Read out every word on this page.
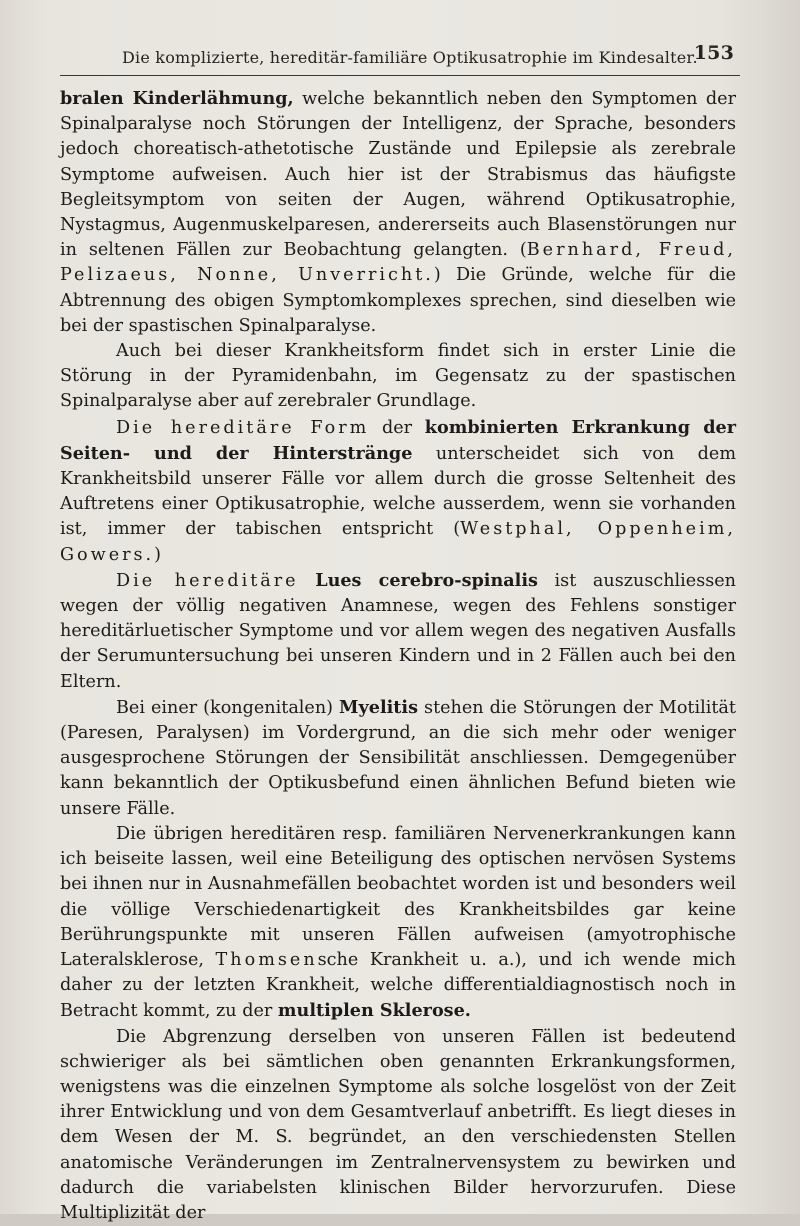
Die komplizierte, hereditär-familiäre Optikusatrophie im Kindesalter.
153

bralen Kinderlähmung, welche bekanntlich neben den Symptomen der Spinalparalyse noch Störungen der Intelligenz, der Sprache, besonders jedoch choreatisch-athetotische Zustände und Epilepsie als zerebrale Symptome aufweisen. Auch hier ist der Strabismus das häufigste Begleitsymptom von seiten der Augen, während Optikusatrophie, Nystagmus, Augenmuskelparesen, andererseits auch Blasenstörungen nur in seltenen Fällen zur Beobachtung gelangten. (Bernhard, Freud, Pelizaeus, Nonne, Unverricht.) Die Gründe, welche für die Abtrennung des obigen Symptomkomplexes sprechen, sind dieselben wie bei der spastischen Spinalparalyse.

Auch bei dieser Krankheitsform findet sich in erster Linie die Störung in der Pyramidenbahn, im Gegensatz zu der spastischen Spinalparalyse aber auf zerebraler Grundlage.

Die hereditäre Form der kombinierten Erkrankung der Seiten- und der Hinterstränge unterscheidet sich von dem Krankheitsbild unserer Fälle vor allem durch die grosse Seltenheit des Auftretens einer Optikusatrophie, welche ausserdem, wenn sie vorhanden ist, immer der tabischen entspricht (Westphal, Oppenheim, Gowers.)

Die hereditäre Lues cerebro-spinalis ist auszuschliessen wegen der völlig negativen Anamnese, wegen des Fehlens sonstiger hereditärluetischer Symptome und vor allem wegen des negativen Ausfalls der Serumuntersuchung bei unseren Kindern und in 2 Fällen auch bei den Eltern.

Bei einer (kongenitalen) Myelitis stehen die Störungen der Motilität (Paresen, Paralysen) im Vordergrund, an die sich mehr oder weniger ausgesprochene Störungen der Sensibilität anschliessen. Demgegenüber kann bekanntlich der Optikusbefund einen ähnlichen Befund bieten wie unsere Fälle.

Die übrigen hereditären resp. familiären Nervenerkrankungen kann ich beiseite lassen, weil eine Beteiligung des optischen nervösen Systems bei ihnen nur in Ausnahmefällen beobachtet worden ist und besonders weil die völlige Verschiedenartigkeit des Krankheitsbildes gar keine Berührungspunkte mit unseren Fällen aufweisen (amyotrophische Lateralsklerose, Thomsensche Krankheit u. a.), und ich wende mich daher zu der letzten Krankheit, welche differentialdiagnostisch noch in Betracht kommt, zu der multiplen Sklerose.

Die Abgrenzung derselben von unseren Fällen ist bedeutend schwieriger als bei sämtlichen oben genannten Erkrankungsformen, wenigstens was die einzelnen Symptome als solche losgelöst von der Zeit ihrer Entwicklung und von dem Gesamtverlauf anbetrifft. Es liegt dieses in dem Wesen der M. S. begründet, an den verschiedensten Stellen anatomische Veränderungen im Zentralnervensystem zu bewirken und dadurch die variabelsten klinischen Bilder hervorzurufen. Diese Multiplizität der
